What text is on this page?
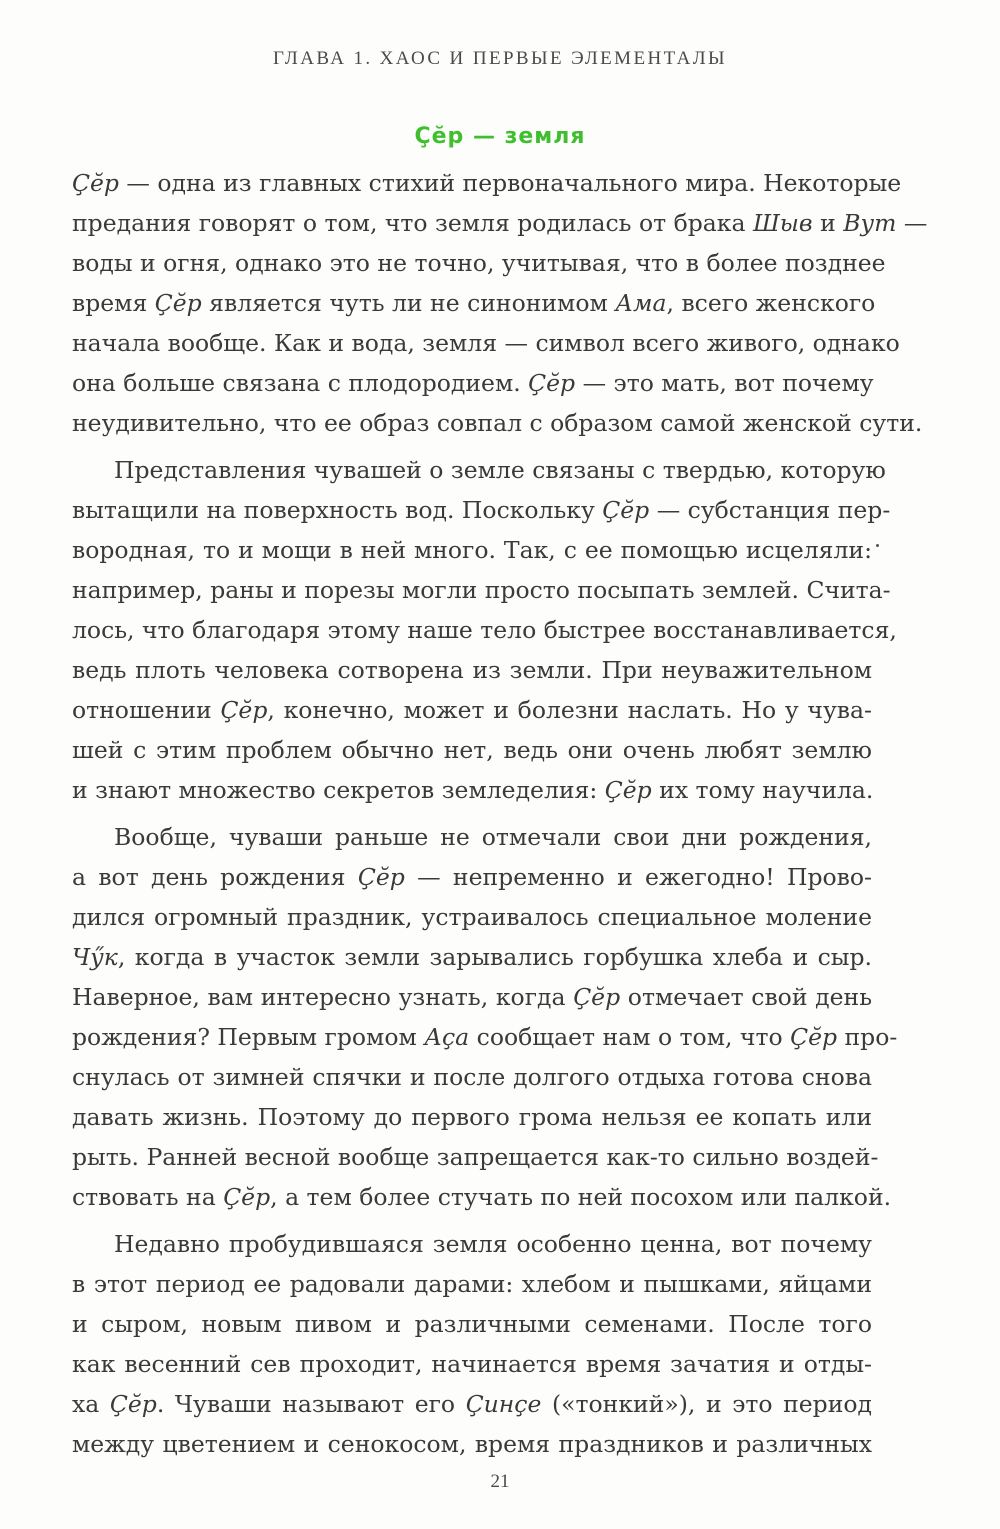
ГЛАВА 1. ХАОС И ПЕРВЫЕ ЭЛЕМЕНТАЛЫ
Çĕр — земля
Çĕр — одна из главных стихий первоначального мира. Некоторые
предания говорят о том, что земля родилась от брака Шыв и Вут —
воды и огня, однако это не точно, учитывая, что в более позднее
время Çĕр является чуть ли не синонимом Ама, всего женского
начала вообще. Как и вода, земля — символ всего живого, однако
она больше связана с плодородием. Çĕр — это мать, вот почему
неудивительно, что ее образ совпал с образом самой женской сути.
Представления чувашей о земле связаны с твердью, которую
вытащили на поверхность вод. Поскольку Çĕр — субстанция пер-
вородная, то и мощи в ней много. Так, с ее помощью исцеляли:
например, раны и порезы могли просто посыпать землей. Счита-
лось, что благодаря этому наше тело быстрее восстанавливается,
ведь плоть человека сотворена из земли. При неуважительном
отношении Çĕр, конечно, может и болезни наслать. Но у чува-
шей с этим проблем обычно нет, ведь они очень любят землю
и знают множество секретов земледелия: Çĕр их тому научила.
Вообще, чуваши раньше не отмечали свои дни рождения,
а вот день рождения Çĕр — непременно и ежегодно! Прово-
дился огромный праздник, устраивалось специальное моление
Чӳк, когда в участок земли зарывались горбушка хлеба и сыр.
Наверное, вам интересно узнать, когда Çĕр отмечает свой день
рождения? Первым громом Аçа сообщает нам о том, что Çĕр про-
снулась от зимней спячки и после долгого отдыха готова снова
давать жизнь. Поэтому до первого грома нельзя ее копать или
рыть. Ранней весной вообще запрещается как-то сильно воздей-
ствовать на Çĕр, а тем более стучать по ней посохом или палкой.
Недавно пробудившаяся земля особенно ценна, вот почему
в этот период ее радовали дарами: хлебом и пышками, яйцами
и сыром, новым пивом и различными семенами. После того
как весенний сев проходит, начинается время зачатия и отды-
ха Çĕр. Чуваши называют его Çинçе («тонкий»), и это период
между цветением и сенокосом, время праздников и различных
21
